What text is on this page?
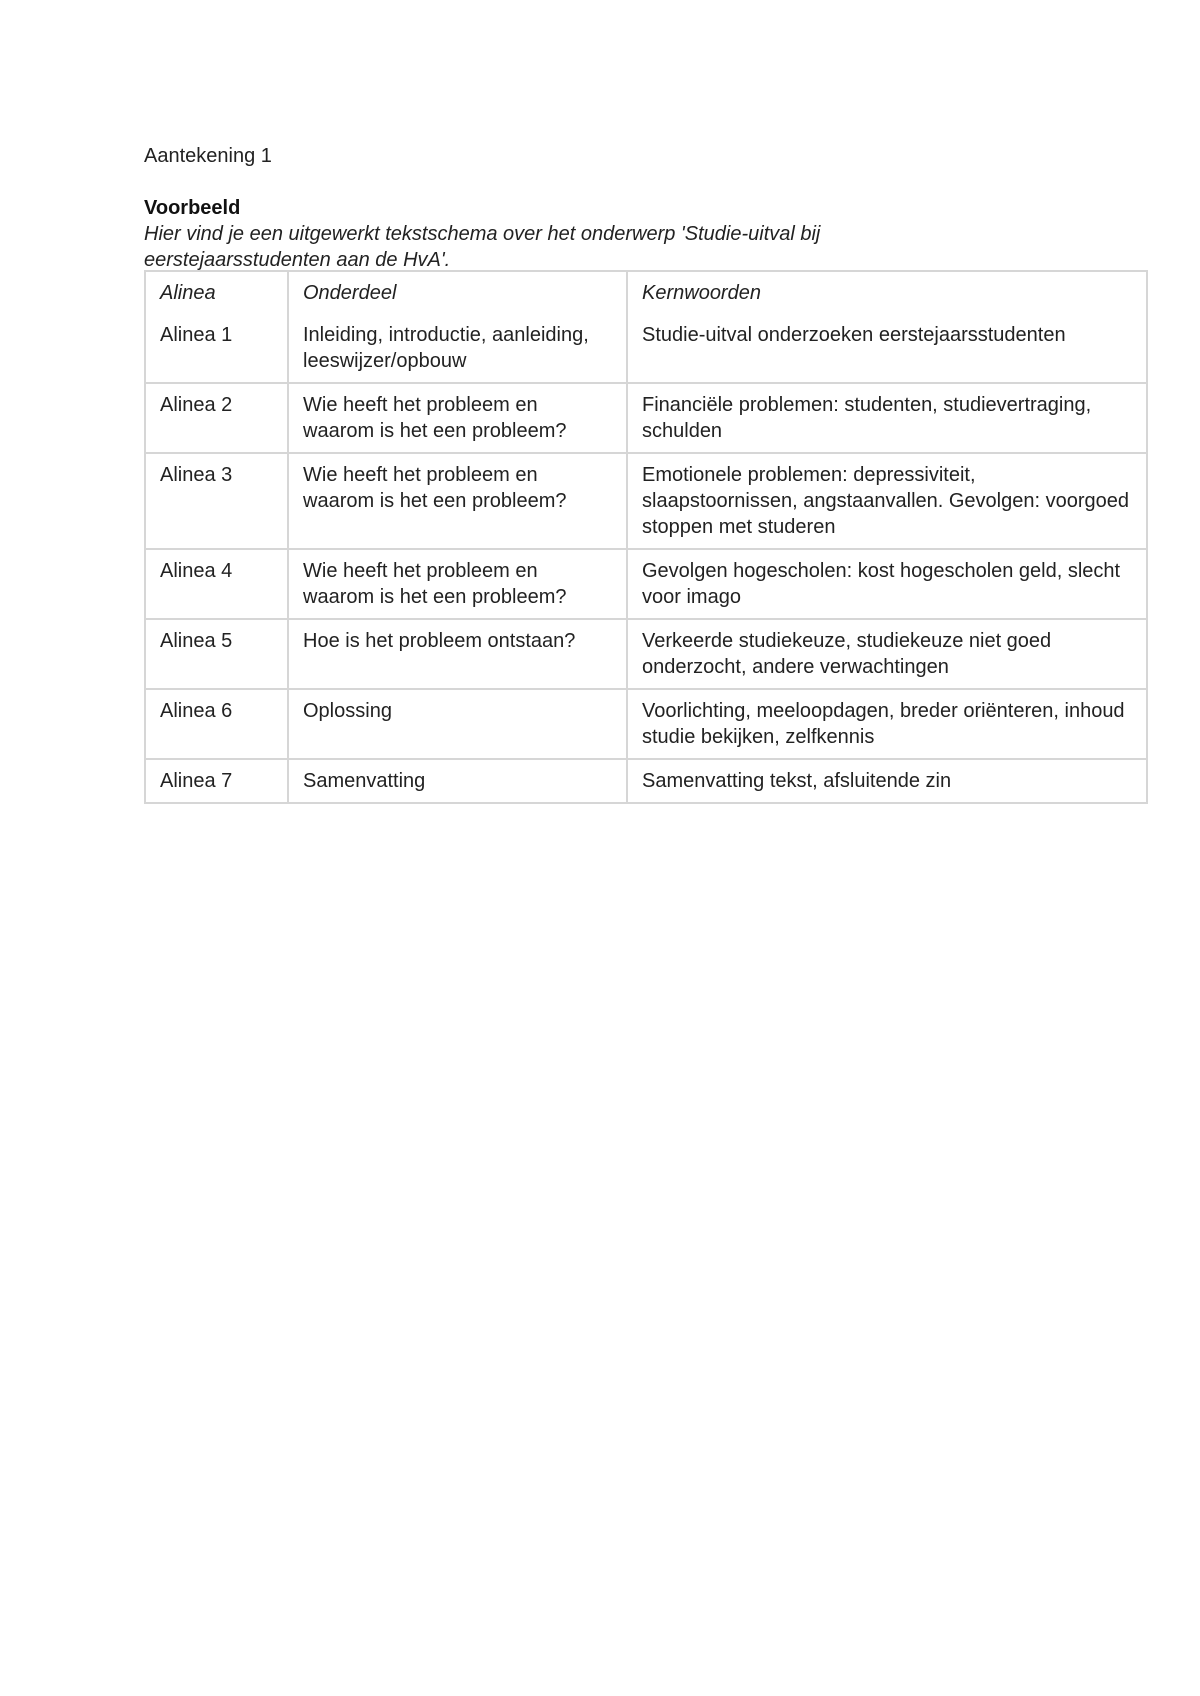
Aantekening 1
Voorbeeld
Hier vind je een uitgewerkt tekstschema over het onderwerp 'Studie-uitval bij eerstejaarsstudenten aan de HvA'.
Alinea	Onderdeel	Kernwoorden
Alinea 1	Inleiding, introductie, aanleiding, leeswijzer/opbouw	Studie-uitval onderzoeken eerstejaarsstudenten
Alinea 2	Wie heeft het probleem en waarom is het een probleem?	Financiële problemen: studenten, studievertraging, schulden
Alinea 3	Wie heeft het probleem en waarom is het een probleem?	Emotionele problemen: depressiviteit, slaapstoornissen, angstaanvallen. Gevolgen: voorgoed stoppen met studeren
Alinea 4	Wie heeft het probleem en waarom is het een probleem?	Gevolgen hogescholen: kost hogescholen geld, slecht voor imago
Alinea 5	Hoe is het probleem ontstaan?	Verkeerde studiekeuze, studiekeuze niet goed onderzocht, andere verwachtingen
Alinea 6	Oplossing	Voorlichting, meeloopdagen, breder oriënteren, inhoud studie bekijken, zelfkennis
Alinea 7	Samenvatting	Samenvatting tekst, afsluitende zin
